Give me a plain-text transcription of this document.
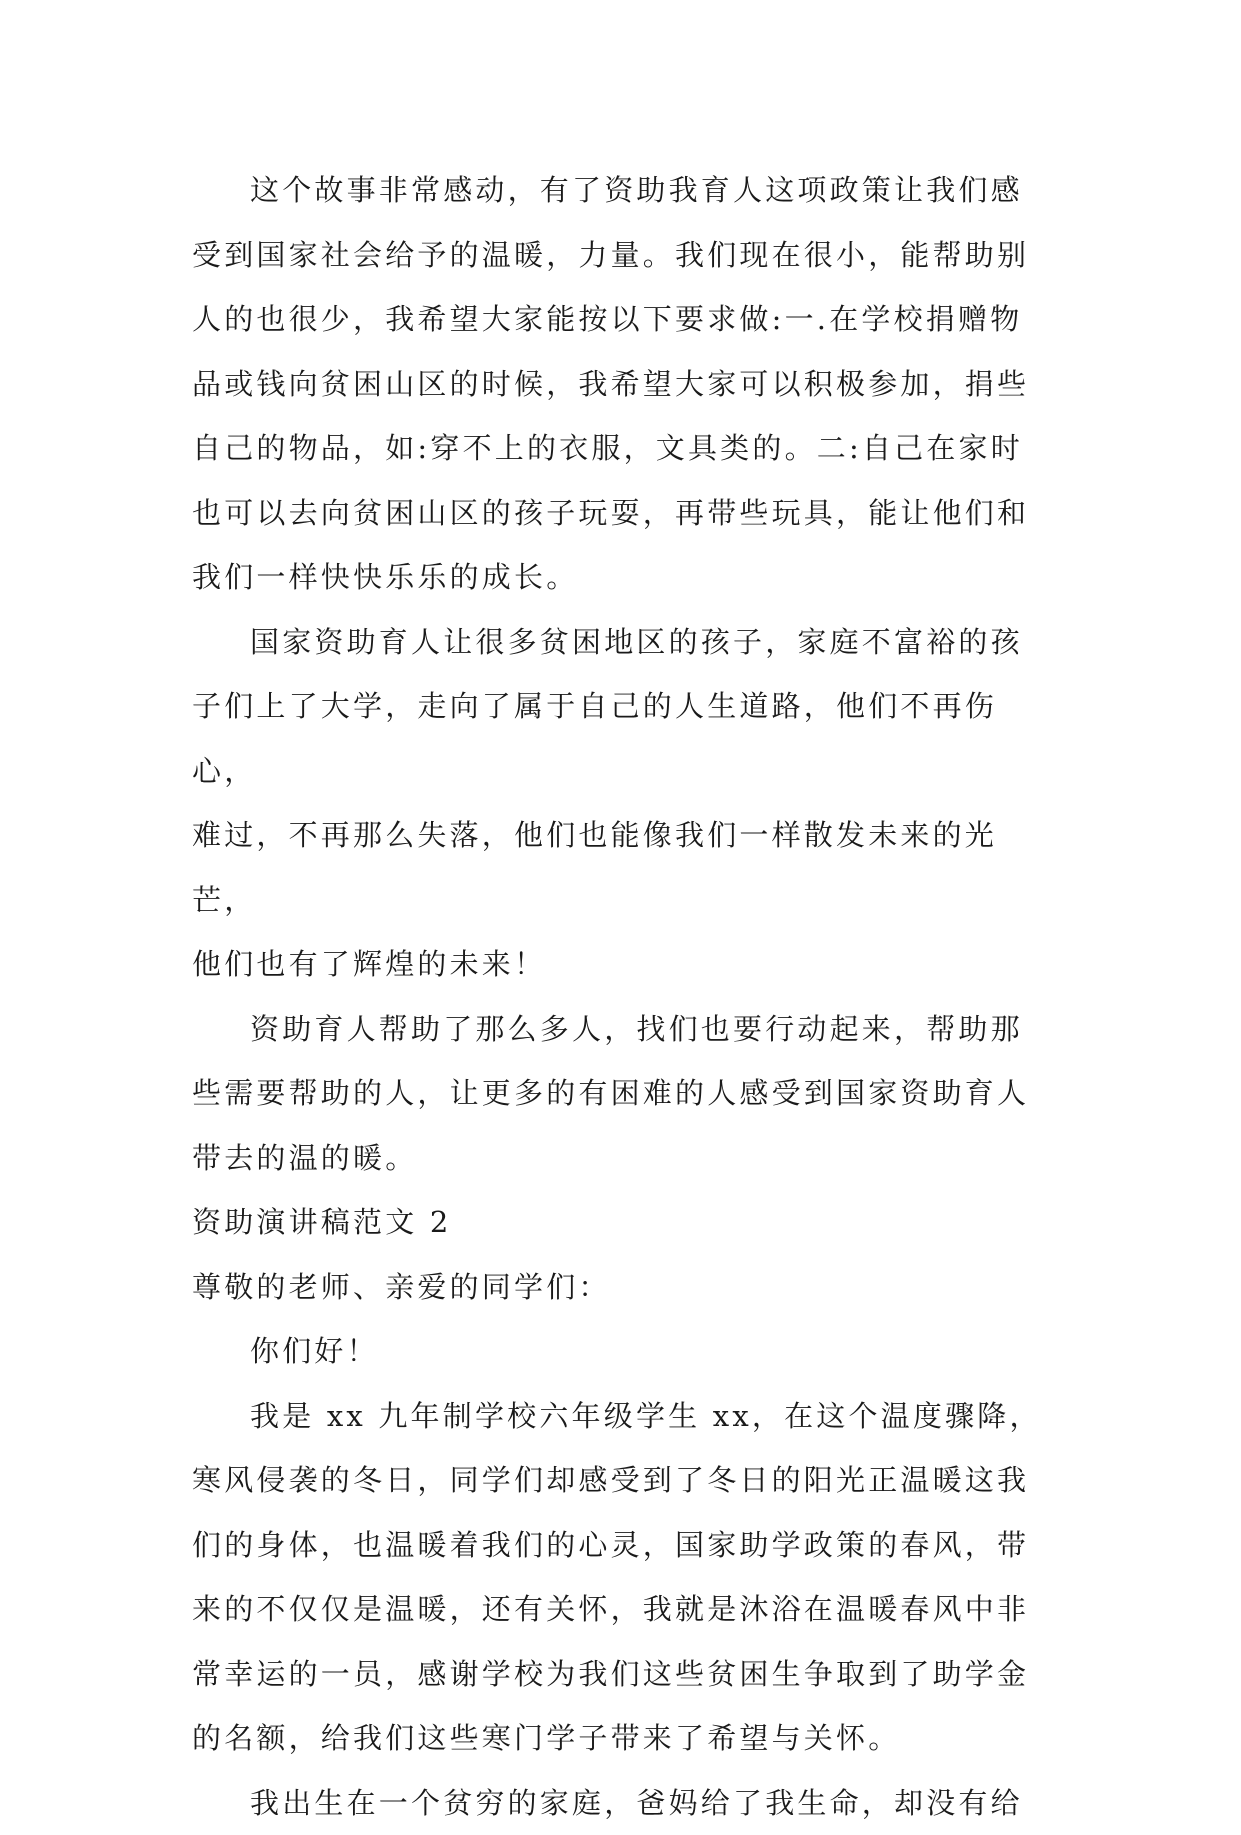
这个故事非常感动，有了资助我育人这项政策让我们感
受到国家社会给予的温暖，力量。我们现在很小，能帮助别
人的也很少，我希望大家能按以下要求做:一.在学校捐赠物
品或钱向贫困山区的时候，我希望大家可以积极参加，捐些
自己的物品，如:穿不上的衣服，文具类的。二:自己在家时
也可以去向贫困山区的孩子玩耍，再带些玩具，能让他们和
我们一样快快乐乐的成长。
国家资助育人让很多贫困地区的孩子，家庭不富裕的孩
子们上了大学，走向了属于自己的人生道路，他们不再伤心，
难过，不再那么失落，他们也能像我们一样散发未来的光芒，
他们也有了辉煌的未来！
资助育人帮助了那么多人，找们也要行动起来，帮助那
些需要帮助的人，让更多的有困难的人感受到国家资助育人
带去的温的暖。
资助演讲稿范文 2
尊敬的老师、亲爱的同学们：
你们好！
我是 xx 九年制学校六年级学生 xx，在这个温度骤降，
寒风侵袭的冬日，同学们却感受到了冬日的阳光正温暖这我
们的身体，也温暖着我们的心灵，国家助学政策的春风，带
来的不仅仅是温暖，还有关怀，我就是沐浴在温暖春风中非
常幸运的一员，感谢学校为我们这些贫困生争取到了助学金
的名额，给我们这些寒门学子带来了希望与关怀。
我出生在一个贫穷的家庭，爸妈给了我生命，却没有给
